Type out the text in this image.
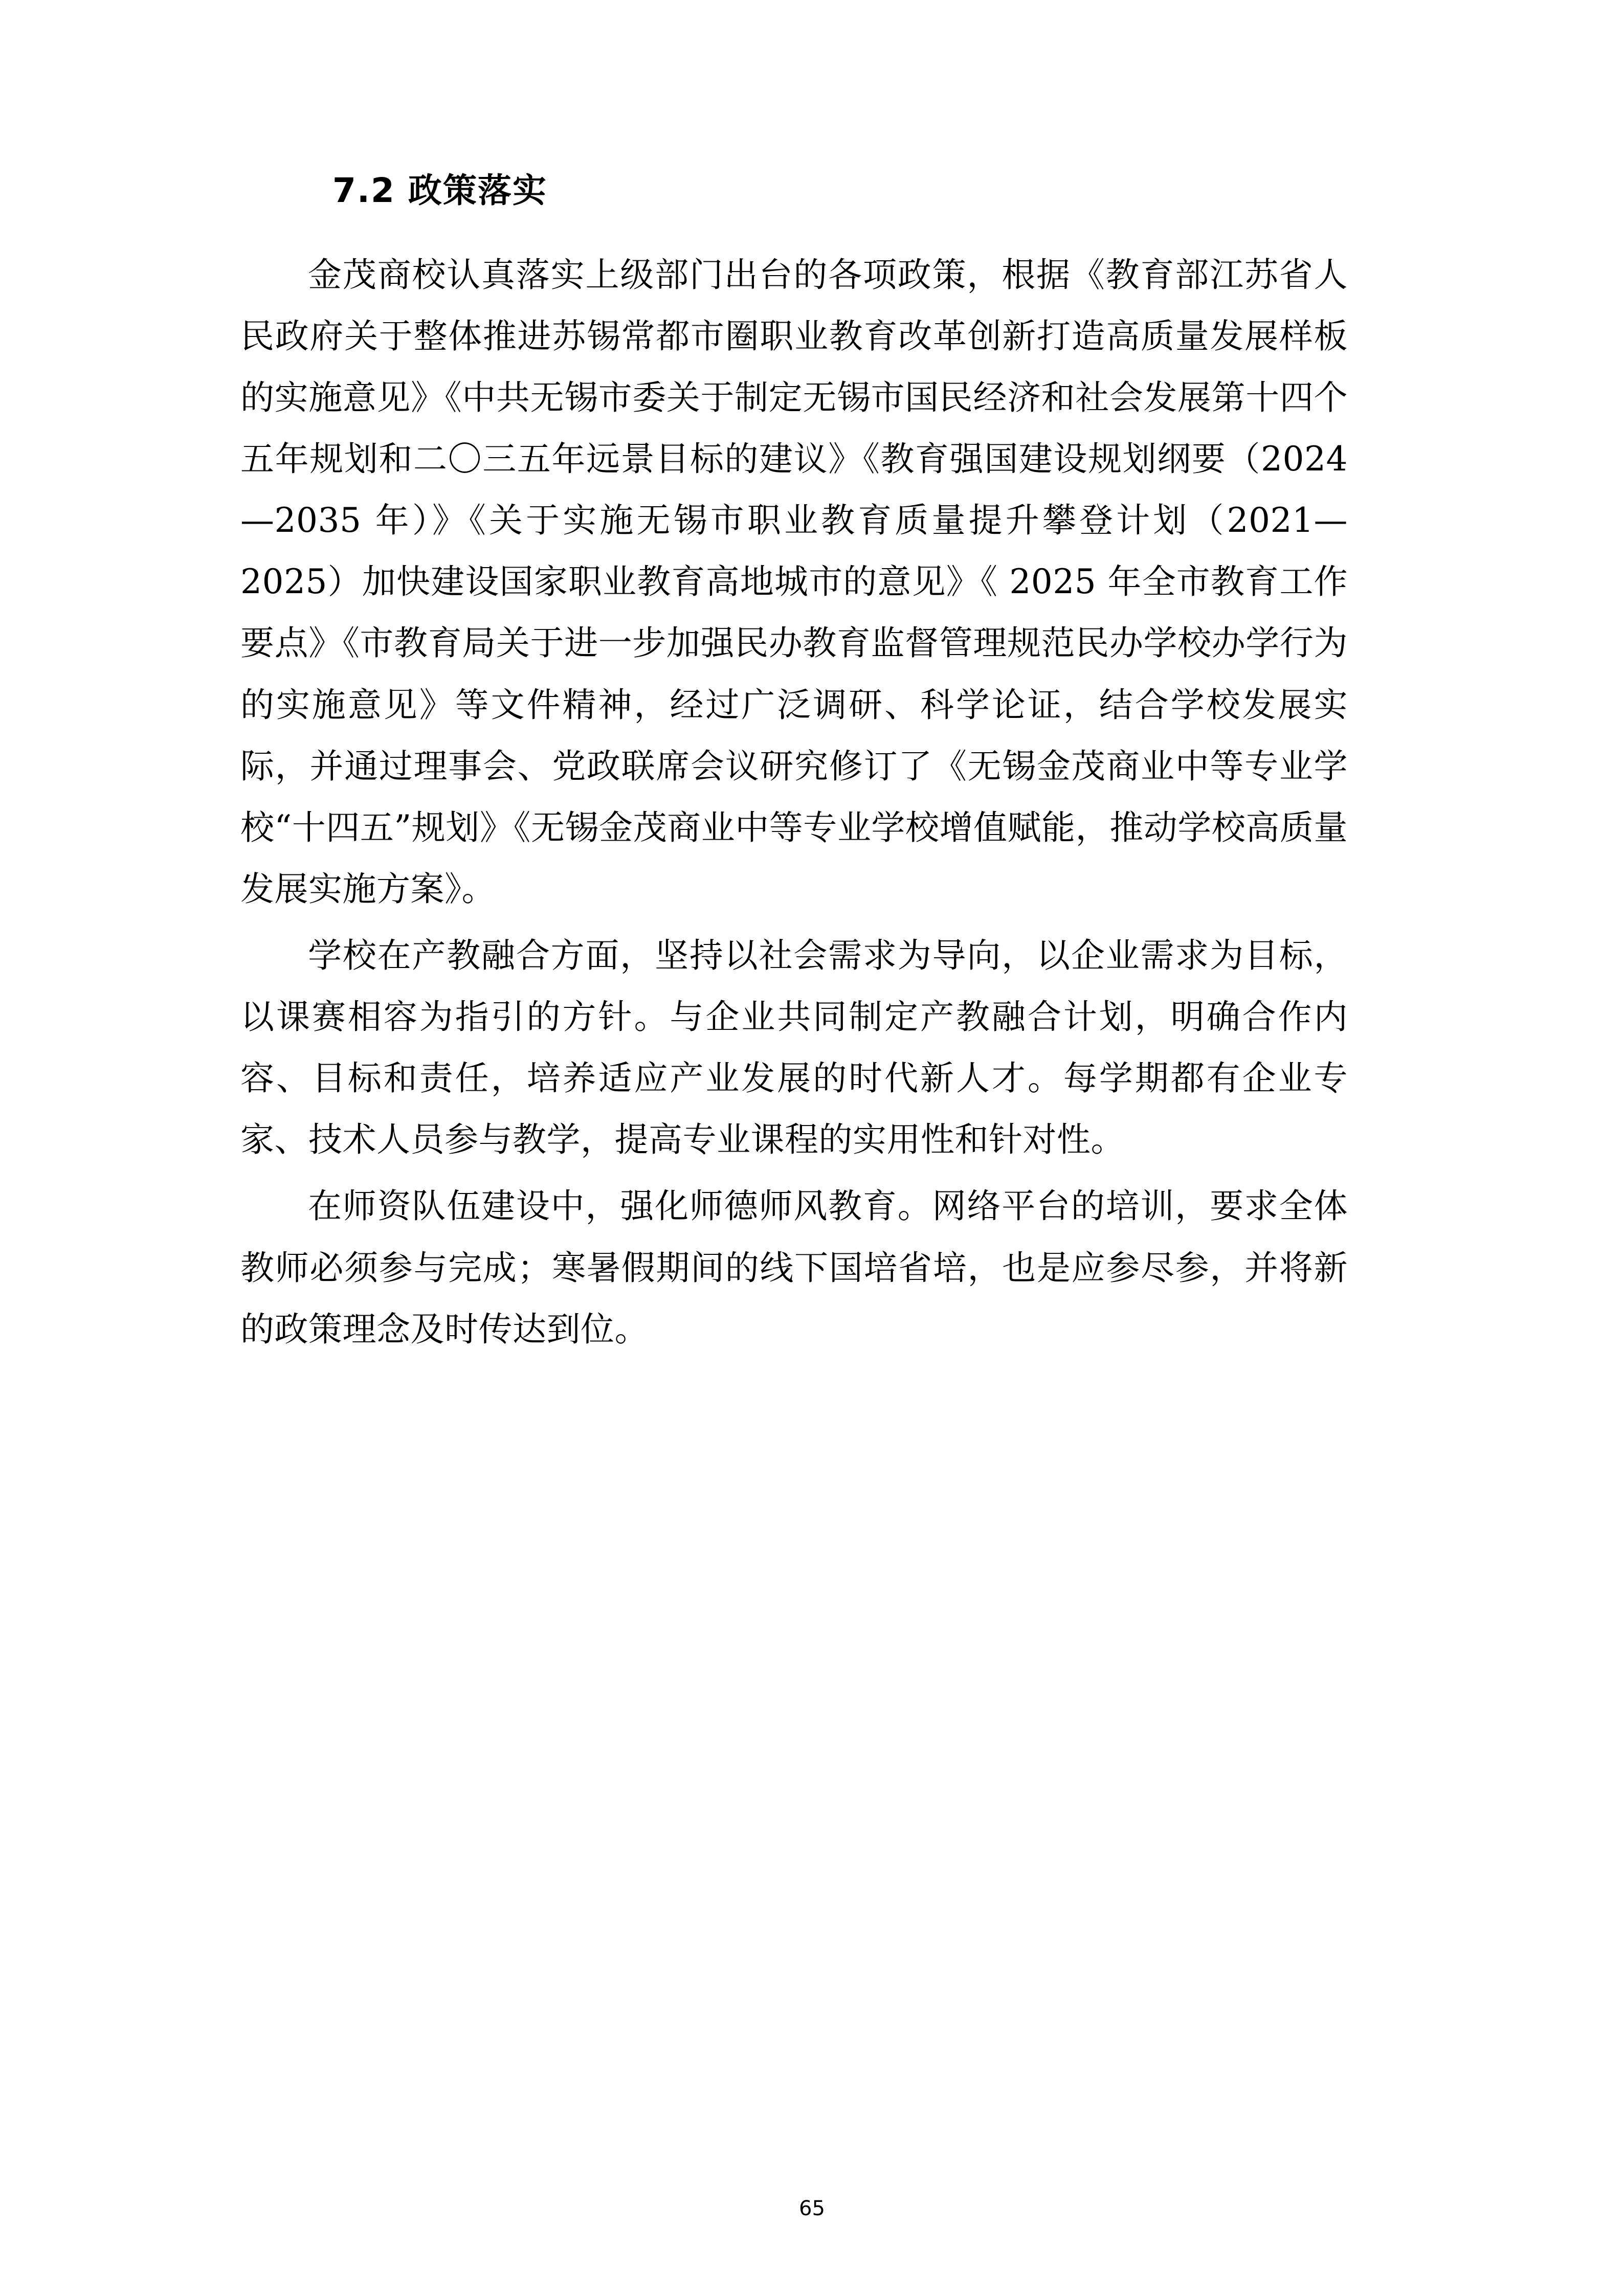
7.2 政策落实

金茂商校认真落实上级部门出台的各项政策，根据《教育部江苏省人民政府关于整体推进苏锡常都市圈职业教育改革创新打造高质量发展样板的实施意见》《中共无锡市委关于制定无锡市国民经济和社会发展第十四个五年规划和二〇三五年远景目标的建议》《教育强国建设规划纲要（2024—2035 年）》《关于实施无锡市职业教育质量提升攀登计划（2021—2025）加快建设国家职业教育高地城市的意见》《 2025 年全市教育工作要点》《市教育局关于进一步加强民办教育监督管理规范民办学校办学行为的实施意见》等文件精神，经过广泛调研、科学论证，结合学校发展实际，并通过理事会、党政联席会议研究修订了《无锡金茂商业中等专业学校“十四五”规划》《无锡金茂商业中等专业学校增值赋能，推动学校高质量发展实施方案》。

学校在产教融合方面，坚持以社会需求为导向，以企业需求为目标，以课赛相容为指引的方针。与企业共同制定产教融合计划，明确合作内容、目标和责任，培养适应产业发展的时代新人才。每学期都有企业专家、技术人员参与教学，提高专业课程的实用性和针对性。

在师资队伍建设中，强化师德师风教育。网络平台的培训，要求全体教师必须参与完成；寒暑假期间的线下国培省培，也是应参尽参，并将新的政策理念及时传达到位。

65
